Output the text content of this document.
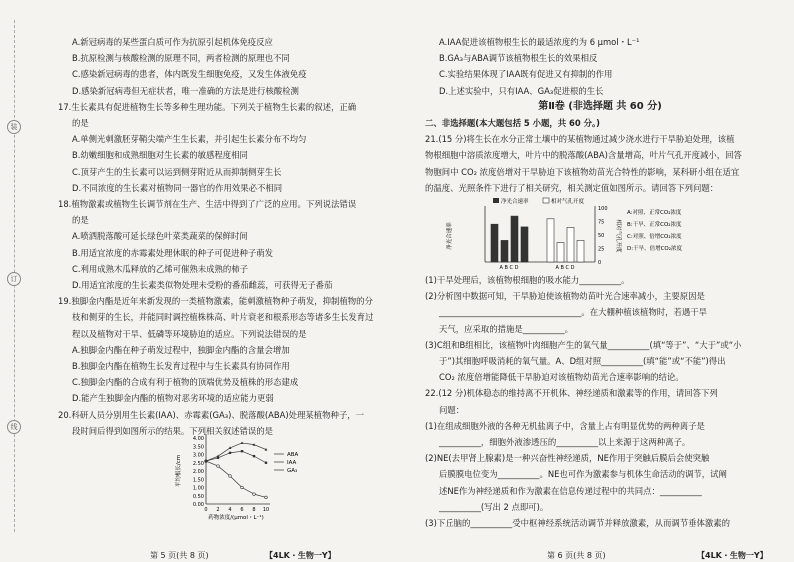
装
订
线

A.新冠病毒的某些蛋白质可作为抗原引起机体免疫反应

B.抗原检测与核酸检测的原理不同，两者检测的原理也不同

C.感染新冠病毒的患者，体内既发生细胞免疫，又发生体液免疫

D.感染新冠病毒但无症状者，唯一准确的方法是进行核酸检测

17.生长素具有促进植物生长等多种生理功能。下列关于植物生长素的叙述，正确

的是

A.单侧光刺激胚芽鞘尖端产生生长素，并引起生长素分布不均匀

B.幼嫩细胞和成熟细胞对生长素的敏感程度相同

C.顶芽产生的生长素可以运到侧芽附近从而抑制侧芽生长

D.不同浓度的生长素对植物同一器官的作用效果必不相同

18.植物激素或植物生长调节剂在生产、生活中得到了广泛的应用。下列说法错误

的是

A.喷洒脱落酸可延长绿色叶菜类蔬菜的保鲜时间

B.用适宜浓度的赤霉素处理休眠的种子可促进种子萌发

C.利用成熟木瓜释放的乙烯可催熟未成熟的柿子

D.用适宜浓度的生长素类似物处理未受粉的番茄雌蕊，可获得无子番茄

19.独脚金内酯是近年来新发现的一类植物激素，能刺激植物种子萌发，抑制植物的分

枝和侧芽的生长，并能同时调控植株株高、叶片衰老和根系形态等诸多生长发育过

程以及植物对干旱、低磷等环境胁迫的适应。下列说法错误的是

A.独脚金内酯在种子萌发过程中，独脚金内酯的含量会增加

B.独脚金内酯在植物生长发育过程中与生长素具有协同作用

C.独脚金内酯的合成有利于植物的顶端优势及植株的形态建成

D.能产生独脚金内酯的植物对恶劣环境的适应能力更弱

20.科研人员分别用生长素(IAA)、赤霉素(GA₃)、脱落酸(ABA)处理某植物种子，一

段时间后得到如图所示的结果。下列相关叙述错误的是

0.00
0.50
1.00
1.50
2.00
2.50
3.00
3.50
4.00
0 2 4 6 8 10
药物浓度/(μmol・L⁻¹)
平均根长/cm	ABA
IAA
GA₃
第 5 页(共 8 页)	【4LK・生物一Y】

A.IAA促进该植物根生长的最适浓度约为 6 μmol・L⁻¹

B.GA₃与ABA调节该植物根生长的效果相反

C.实验结果体现了IAA既有促进又有抑制的作用

D.上述实验中，只有IAA、GA₃促进根的生长

第Ⅱ卷 (非选择题 共 60 分)

二、非选择题(本大题包括 5 小题，共 60 分。)

21.(15 分)将生长在水分正常土壤中的某植物通过减少浇水进行干旱胁迫处理，该植

物根细胞中溶质浓度增大，叶片中的脱落酸(ABA)含量增高，叶片气孔开度减小，回答

物胞间中 CO₂ 浓度倍增对干旱胁迫下该植物幼苗光合特性的影响，某科研小组在适宜

的温度、光照条件下进行了相关研究，相关测定值如图所示。请回答下列问题：

净光合速率
净光合速率	相对气孔开度
A B C D	A B C D
100
75
50
25
0
相对气孔开度
A:对照、正常CO₂浓度
B:干旱、正常CO₂浓度
C:对照、倍增CO₂浓度
D:干旱、倍增CO₂浓度

(1)干旱处理后，该植物根细胞的吸水能力__________。

(2)分析图中数据可知，干旱胁迫使该植物幼苗叶光合速率减小，主要原因是

__________________________________。在大棚种植该植物时，若遇干旱

天气，应采取的措施是__________。

(3)C组和B组相比，该植物叶肉细胞产生的氧气量__________(填“等于”、“大于”或“小

于”)其细胞呼吸消耗的氧气量。A、D组对照__________(填“能”或“不能”)得出

CO₂ 浓度倍增能降低干旱胁迫对该植物幼苗光合速率影响的结论。

22.(12 分)机体稳态的维持离不开机体、神经递质和激素等的作用，请回答下列

问题：

(1)在组成细胞外液的各种无机盐离子中，含量上占有明显优势的两种离子是

__________，细胞外液渗透压的__________以上来源于这两种离子。

(2)NE(去甲肾上腺素)是一种兴奋性神经递质，NE作用于突触后膜后会使突触

后膜膜电位变为__________。NE也可作为激素参与机体生命活动的调节，试阐

述NE作为神经递质和作为激素在信息传递过程中的共同点：__________

__________(写出 2 点即可)。

(3)下丘脑的__________受中枢神经系统活动调节并释放激素，从而调节垂体激素的

第 6 页(共 8 页)	【4LK・生物一Y】
